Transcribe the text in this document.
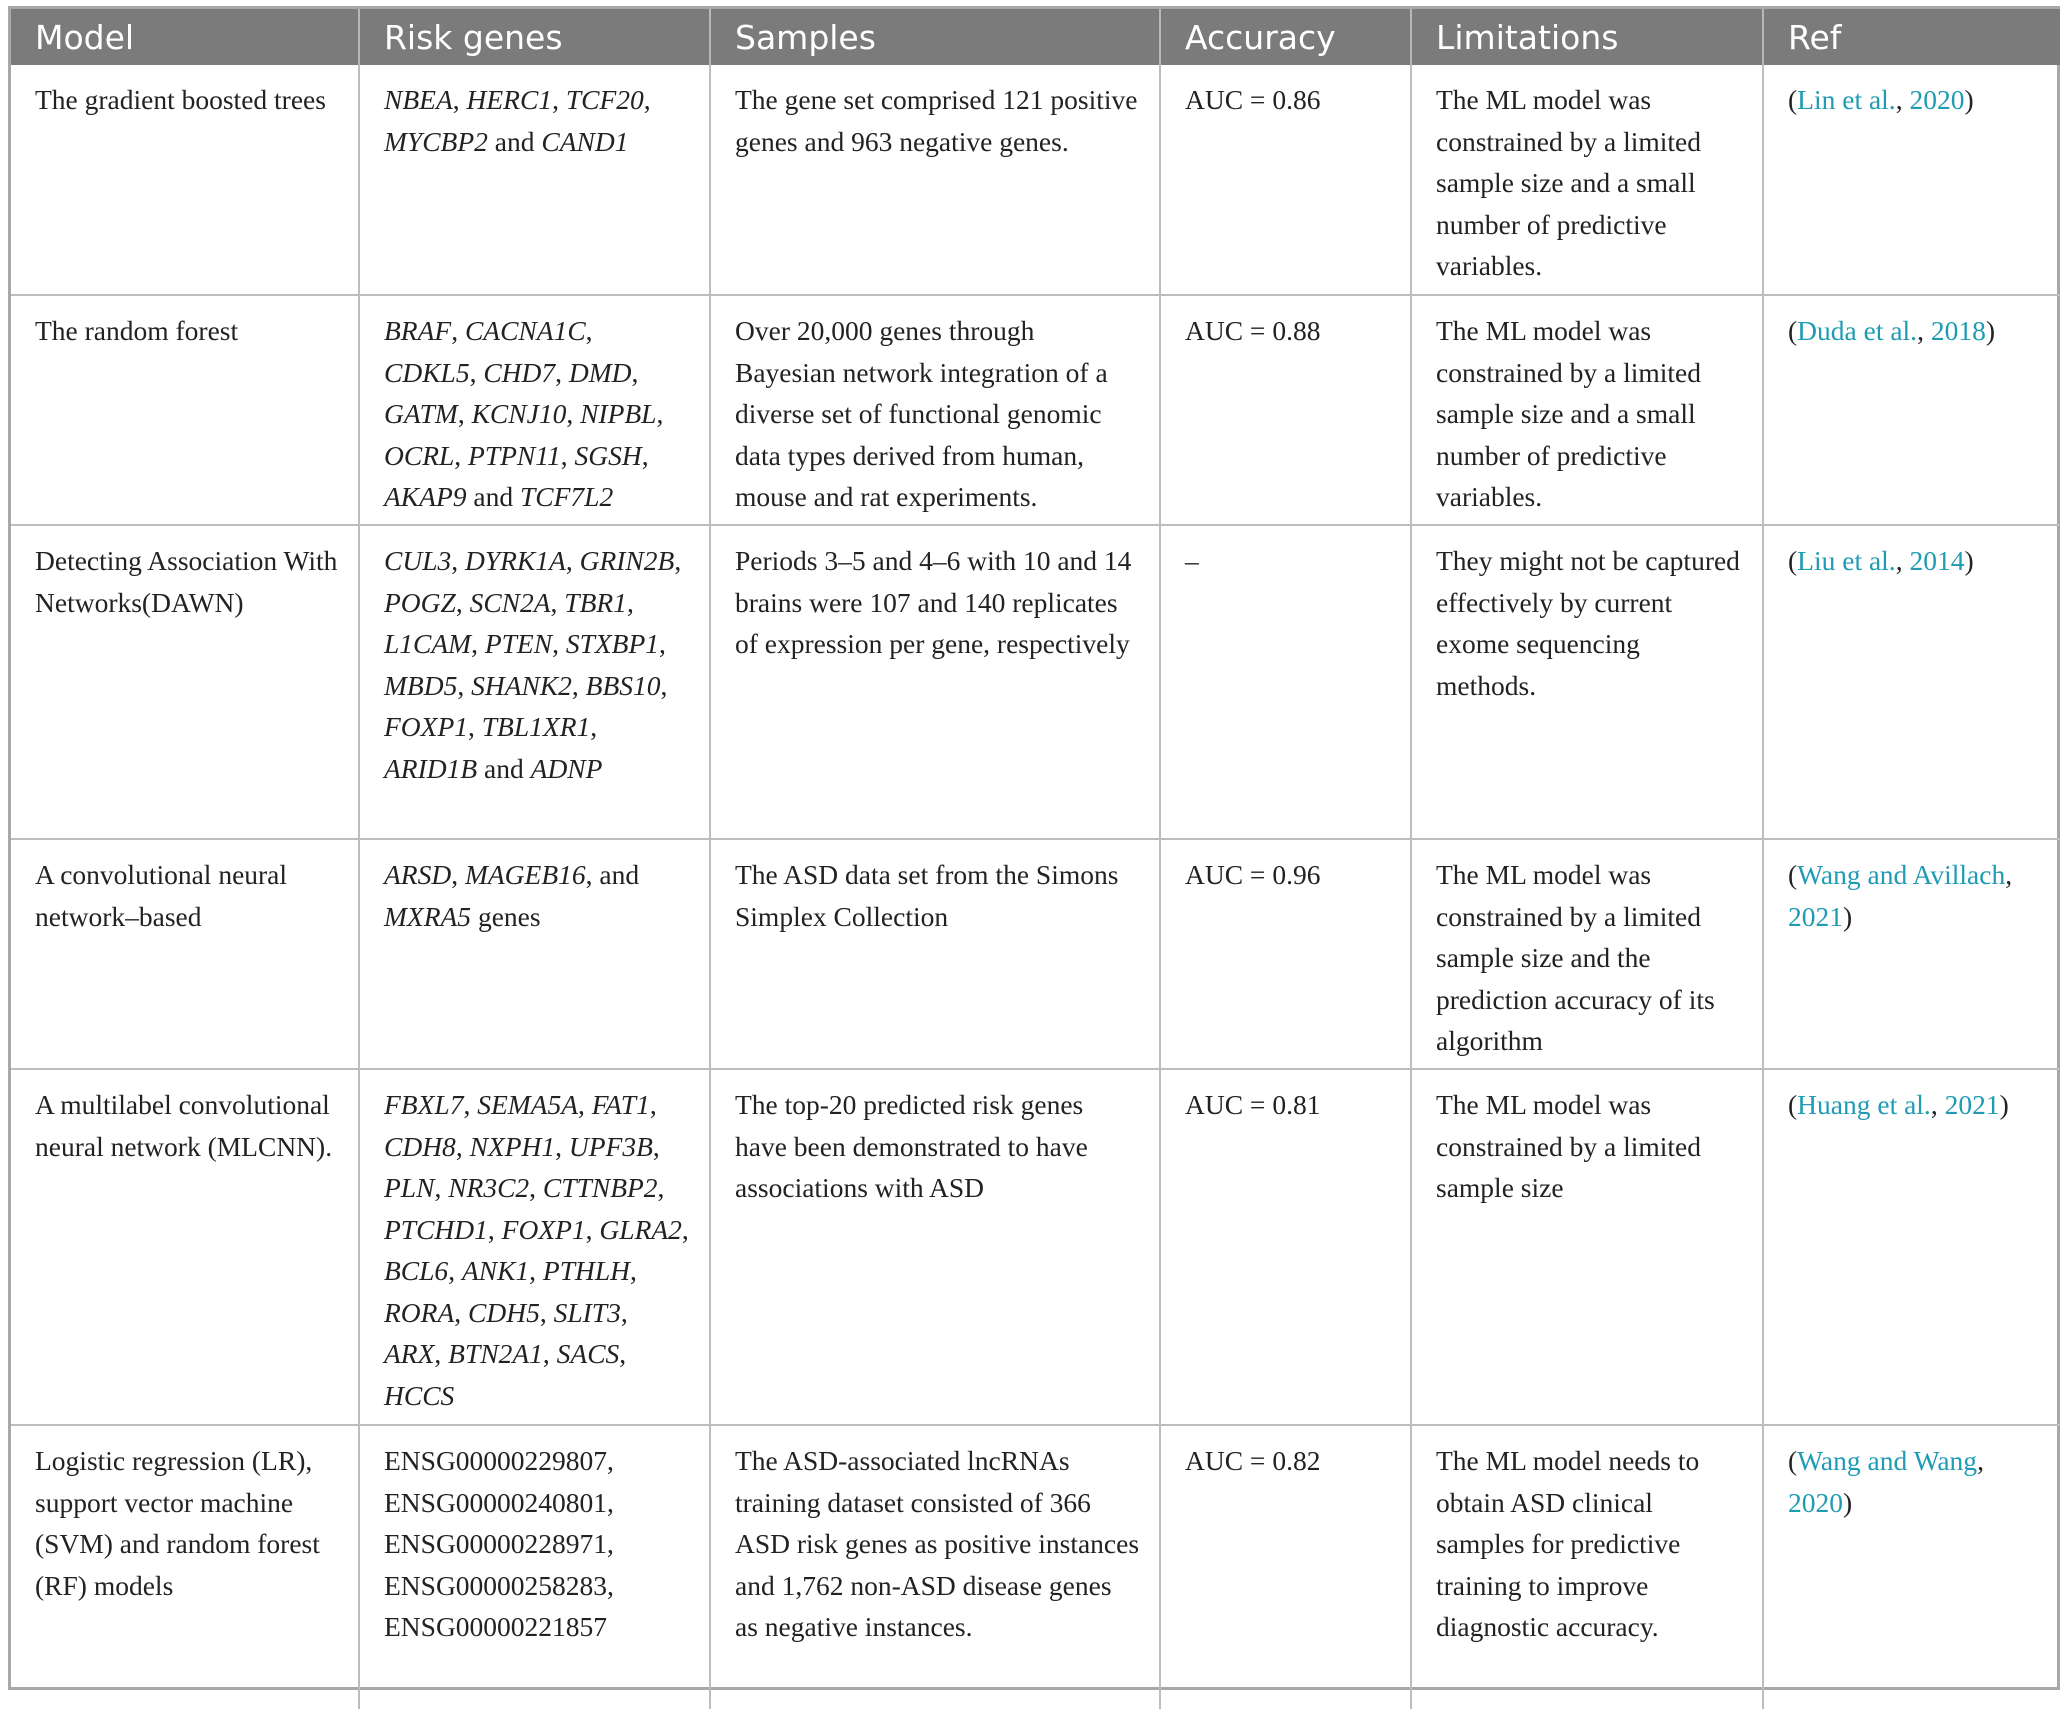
Model	Risk genes	Samples	Accuracy	Limitations	Ref
The gradient boosted trees	NBEA, HERC1, TCF20, MYCBP2 and CAND1	The gene set comprised 121 positive genes and 963 negative genes.	AUC = 0.86	The ML model was constrained by a limited sample size and a small number of predictive variables.	(Lin et al., 2020)
The random forest	BRAF, CACNA1C, CDKL5, CHD7, DMD, GATM, KCNJ10, NIPBL, OCRL, PTPN11, SGSH, AKAP9 and TCF7L2	Over 20,000 genes through Bayesian network integration of a diverse set of functional genomic data types derived from human, mouse and rat experiments.	AUC = 0.88	The ML model was constrained by a limited sample size and a small number of predictive variables.	(Duda et al., 2018)
Detecting Association With Networks(DAWN)	CUL3, DYRK1A, GRIN2B, POGZ, SCN2A, TBR1, L1CAM, PTEN, STXBP1, MBD5, SHANK2, BBS10, FOXP1, TBL1XR1, ARID1B and ADNP	Periods 3–5 and 4–6 with 10 and 14 brains were 107 and 140 replicates of expression per gene, respectively	–	They might not be captured effectively by current exome sequencing methods.	(Liu et al., 2014)
A convolutional neural network–based	ARSD, MAGEB16, and MXRA5 genes	The ASD data set from the Simons Simplex Collection	AUC = 0.96	The ML model was constrained by a limited sample size and the prediction accuracy of its algorithm	(Wang and Avillach, 2021)
A multilabel convolutional neural network (MLCNN).	FBXL7, SEMA5A, FAT1, CDH8, NXPH1, UPF3B, PLN, NR3C2, CTTNBP2, PTCHD1, FOXP1, GLRA2, BCL6, ANK1, PTHLH, RORA, CDH5, SLIT3, ARX, BTN2A1, SACS, HCCS	The top-20 predicted risk genes have been demonstrated to have associations with ASD	AUC = 0.81	The ML model was constrained by a limited sample size	(Huang et al., 2021)
Logistic regression (LR), support vector machine (SVM) and random forest (RF) models	ENSG00000229807, ENSG00000240801, ENSG00000228971, ENSG00000258283, ENSG00000221857	The ASD-associated lncRNAs training dataset consisted of 366 ASD risk genes as positive instances and 1,762 non-ASD disease genes as negative instances.	AUC = 0.82	The ML model needs to obtain ASD clinical samples for predictive training to improve diagnostic accuracy.	(Wang and Wang, 2020)
